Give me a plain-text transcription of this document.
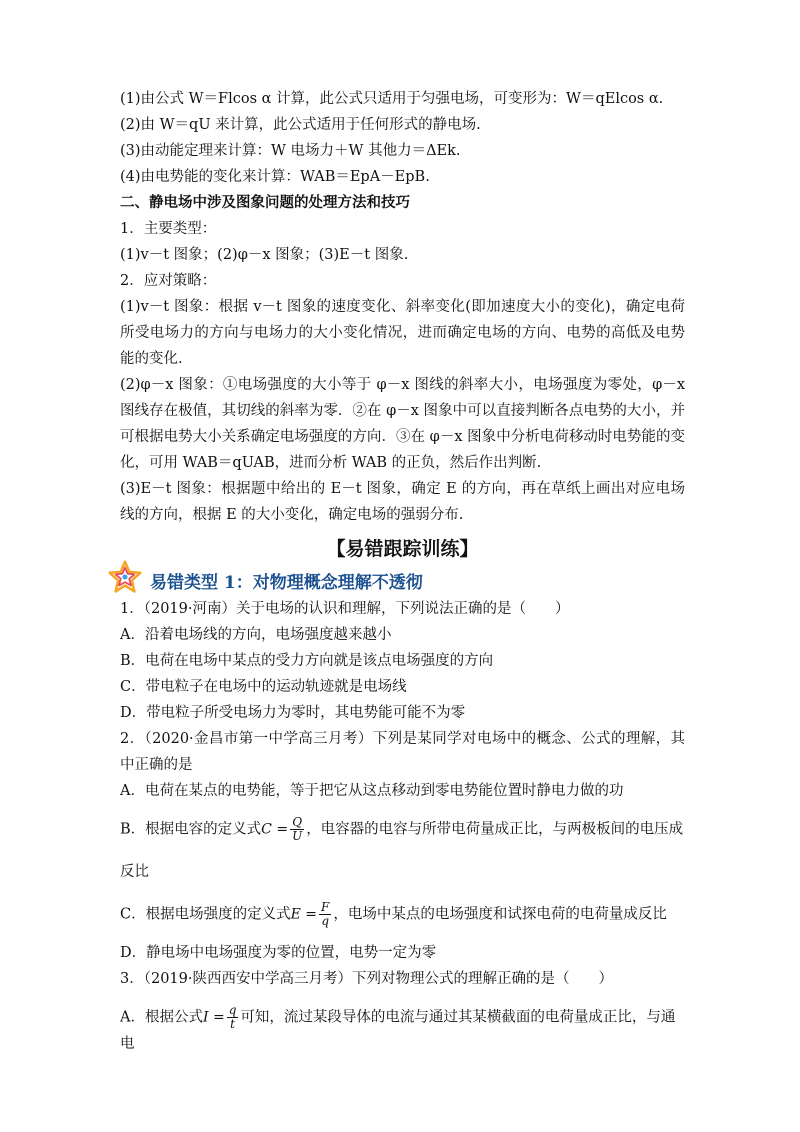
(1)由公式 W＝Flcos α 计算，此公式只适用于匀强电场，可变形为：W＝qElcos α.
(2)由 W＝qU 来计算，此公式适用于任何形式的静电场.
(3)由动能定理来计算：W 电场力＋W 其他力＝ΔEk.
(4)由电势能的变化来计算：WAB＝EpA－EpB.
二、静电场中涉及图象问题的处理方法和技巧
1．主要类型：
(1)v－t 图象；(2)φ－x 图象；(3)E－t 图象.
2．应对策略：
(1)v－t 图象：根据 v－t 图象的速度变化、斜率变化(即加速度大小的变化)，确定电荷所受电场力的方向与电场力的大小变化情况，进而确定电场的方向、电势的高低及电势能的变化.
(2)φ－x 图象：①电场强度的大小等于 φ－x 图线的斜率大小，电场强度为零处，φ－x 图线存在极值，其切线的斜率为零．②在 φ－x 图象中可以直接判断各点电势的大小，并可根据电势大小关系确定电场强度的方向．③在 φ－x 图象中分析电荷移动时电势能的变化，可用 WAB＝qUAB，进而分析 WAB 的正负，然后作出判断.
(3)E－t 图象：根据题中给出的 E－t 图象，确定 E 的方向，再在草纸上画出对应电场线的方向，根据 E 的大小变化，确定电场的强弱分布.
【易错跟踪训练】
易错类型 1：对物理概念理解不透彻
1．（2019·河南）关于电场的认识和理解，下列说法正确的是（　　）
A．沿着电场线的方向，电场强度越来越小
B．电荷在电场中某点的受力方向就是该点电场强度的方向
C．带电粒子在电场中的运动轨迹就是电场线
D．带电粒子所受电场力为零时，其电势能可能不为零
2．（2020·金昌市第一中学高三月考）下列是某同学对电场中的概念、公式的理解，其中正确的是
A．电荷在某点的电势能，等于把它从这点移动到零电势能位置时静电力做的功
B．根据电容的定义式$C = \frac{Q}{U}$ ，电容器的电容与所带电荷量成正比，与两极板间的电压成
反比
C．根据电场强度的定义式$E = \frac{F}{q}$ ，电场中某点的电场强度和试探电荷的电荷量成反比
D．静电场中电场强度为零的位置，电势一定为零
3．（2019·陕西西安中学高三月考）下列对物理公式的理解正确的是（　　）
A．根据公式$I = \frac{q}{t}$ 可知，流过某段导体的电流与通过其某横截面的电荷量成正比，与通电
